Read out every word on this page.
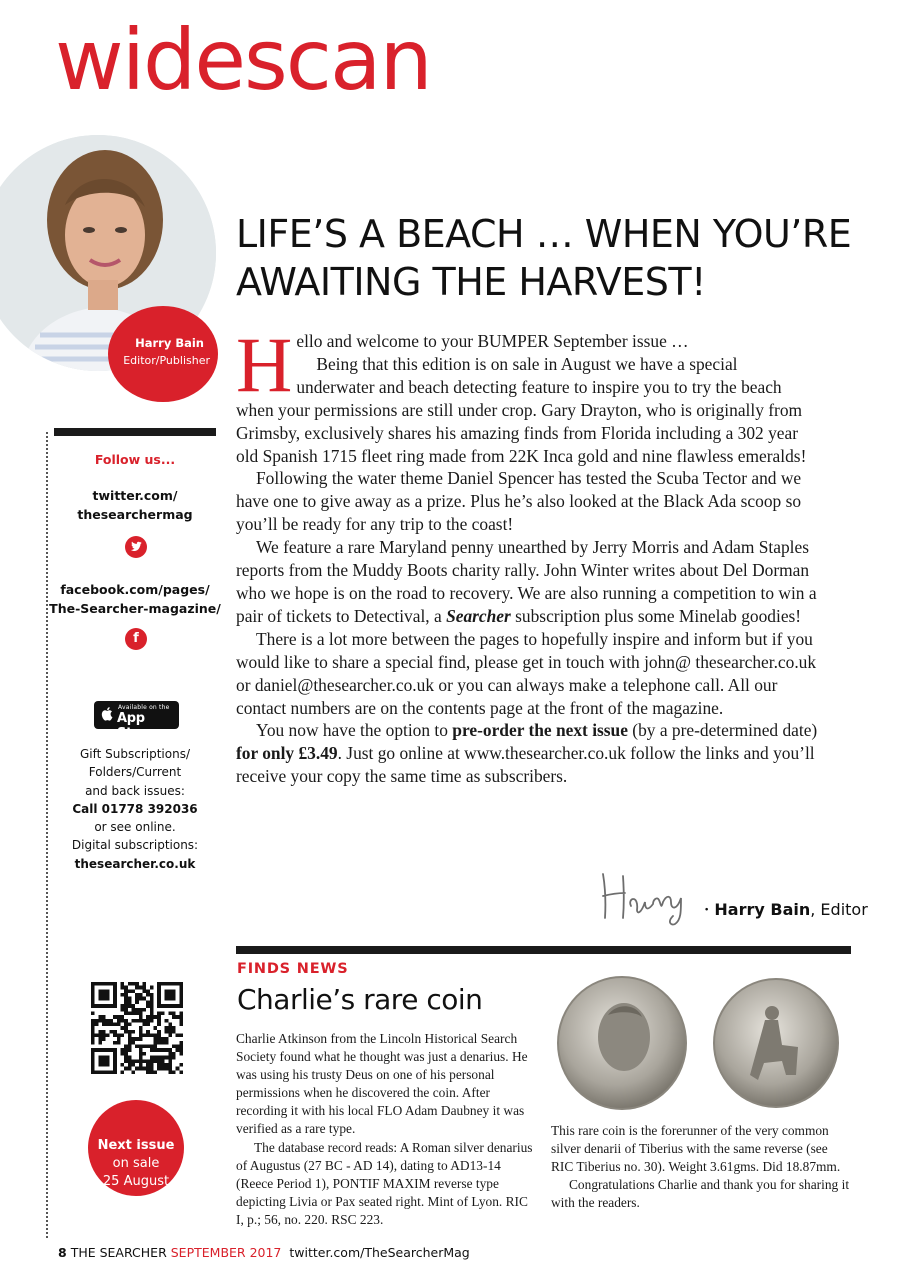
widescan
Harry Bain
Editor/Publisher
LIFE’S A BEACH … WHEN YOU’RE
AWAITING THE HARVEST!

Hello and welcome to your BUMPER September issue …

Being that this edition is on sale in August we have a special underwater and beach detecting feature to inspire you to try the beach when your permissions are still under crop. Gary Drayton, who is originally from Grimsby, exclusively shares his amazing finds from Florida including a 302 year old Spanish 1715 fleet ring made from 22K Inca gold and nine flawless emeralds!

Following the water theme Daniel Spencer has tested the Scuba Tector and we have one to give away as a prize. Plus he’s also looked at the Black Ada scoop so you’ll be ready for any trip to the coast!

We feature a rare Maryland penny unearthed by Jerry Morris and Adam Staples reports from the Muddy Boots charity rally. John Winter writes about Del Dorman who we hope is on the road to recovery. We are also running a competition to win a pair of tickets to Detectival, a Searcher subscription plus some Minelab goodies!

There is a lot more between the pages to hopefully inspire and inform but if you would like to share a special find, please get in touch with john@ thesearcher.co.uk or daniel@thesearcher.co.uk or you can always make a telephone call. All our contact numbers are on the contents page at the front of the magazine.

You now have the option to pre-order the next issue (by a pre-determined date) for only £3.49. Just go online at www.thesearcher.co.uk follow the links and you’ll receive your copy the same time as subscribers.

• Harry Bain, Editor
Follow us...
twitter.com/
thesearchermag
facebook.com/pages/
The-Searcher-magazine/
f
Available on the
App Store
Gift Subscriptions/
Folders/Current
and back issues:
Call 01778 392036
or see online.
Digital subscriptions:
thesearcher.co.uk
Next issue
on sale
25 August
FINDS NEWS
Charlie’s rare coin

Charlie Atkinson from the Lincoln Historical Search Society found what he thought was just a denarius. He was using his trusty Deus on one of his personal permissions when he discovered the coin. After recording it with his local FLO Adam Daubney it was verified as a rare type.

The database record reads: A Roman silver denarius of Augustus (27 BC - AD 14), dating to AD13-14 (Reece Period 1), PONTIF MAXIM reverse type depicting Livia or Pax seated right. Mint of Lyon. RIC I, p.; 56, no. 220. RSC 223.

This rare coin is the forerunner of the very common silver denarii of Tiberius with the same reverse (see RIC Tiberius no. 30). Weight 3.61gms. Did 18.87mm.

Congratulations Charlie and thank you for sharing it with the readers.

8 THE SEARCHER SEPTEMBER 2017 twitter.com/TheSearcherMag
